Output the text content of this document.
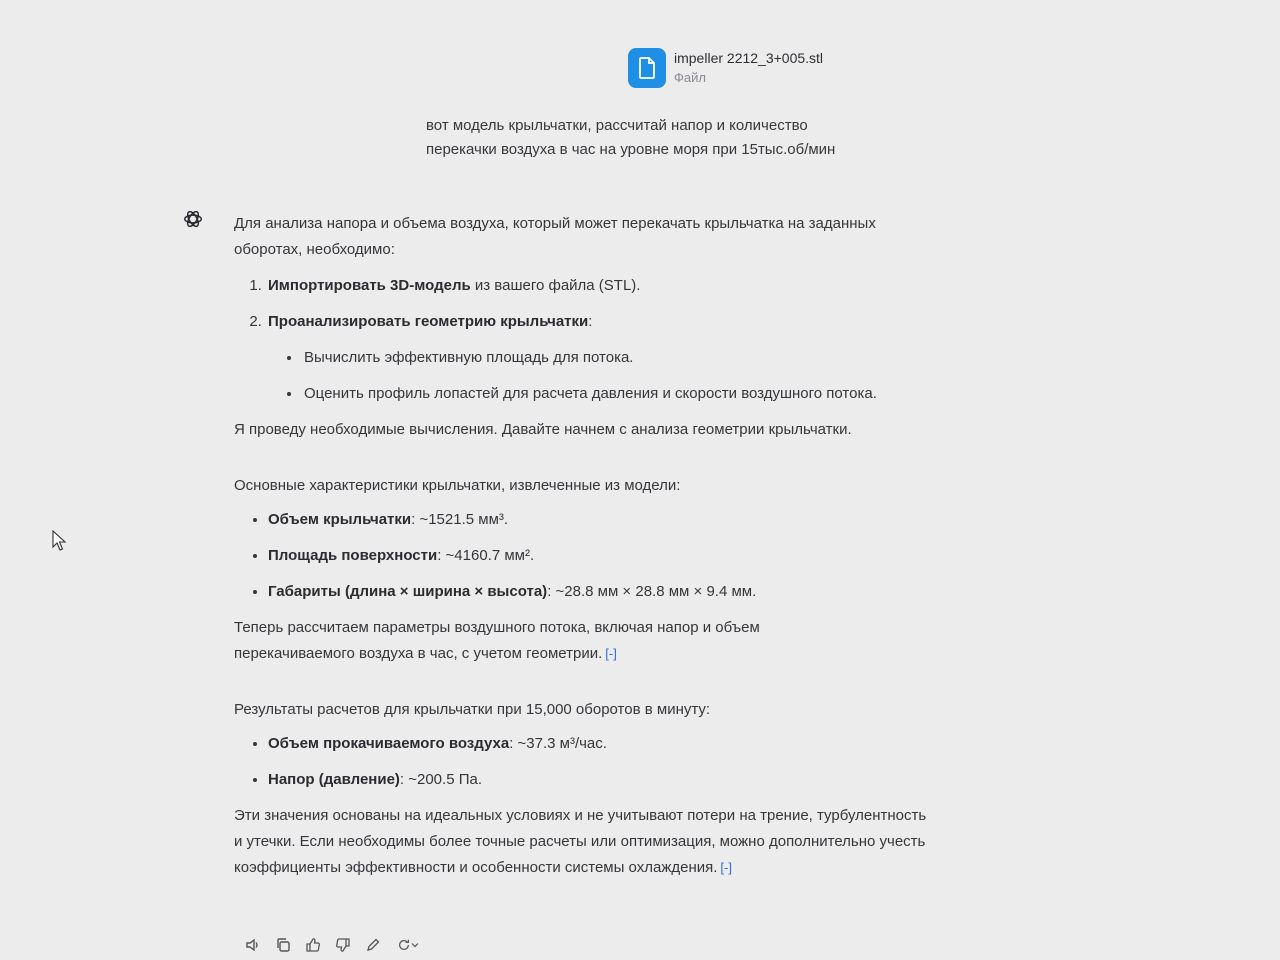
impeller 2212_3+005.stl
Файл

вот модель крыльчатки, рассчитай напор и количество

перекачки воздуха в час на уровне моря при 15тыс.об/мин

Для анализа напора и объема воздуха, который может перекачать крыльчатка на заданных оборотах, необходимо:

1. Импортировать 3D-модель из вашего файла (STL).
2. Проанализировать геометрию крыльчатки:
• Вычислить эффективную площадь для потока.
• Оценить профиль лопастей для расчета давления и скорости воздушного потока.

Я проведу необходимые вычисления. Давайте начнем с анализа геометрии крыльчатки.

Основные характеристики крыльчатки, извлеченные из модели:

• Объем крыльчатки: ~1521.5 мм³.
• Площадь поверхности: ~4160.7 мм².
• Габариты (длина × ширина × высота): ~28.8 мм × 28.8 мм × 9.4 мм.

Теперь рассчитаем параметры воздушного потока, включая напор и объем перекачиваемого воздуха в час, с учетом геометрии. [-]

Результаты расчетов для крыльчатки при 15,000 оборотов в минуту:

• Объем прокачиваемого воздуха: ~37.3 м³/час.
• Напор (давление): ~200.5 Па.

Эти значения основаны на идеальных условиях и не учитывают потери на трение, турбулентность и утечки. Если необходимы более точные расчеты или оптимизация, можно дополнительно учесть коэффициенты эффективности и особенности системы охлаждения. [-]
